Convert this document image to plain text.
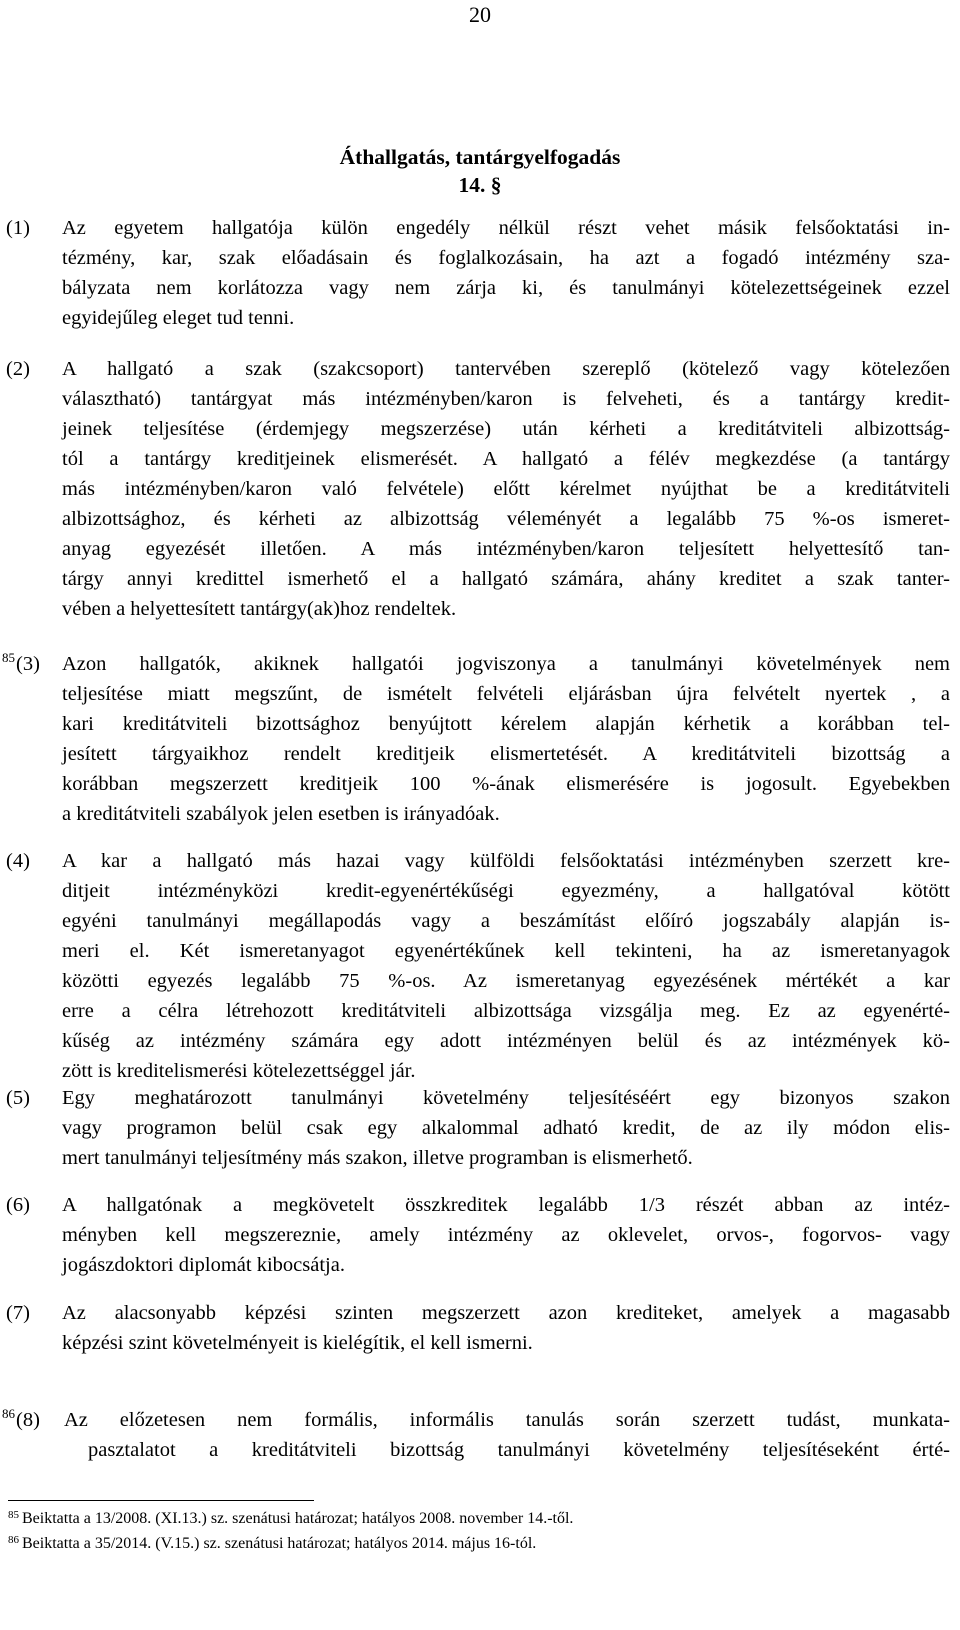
20
Áthallgatás, tantárgyelfogadás
14. §
(1) Az egyetem hallgatója külön engedély nélkül részt vehet másik felsőoktatási in-
tézmény, kar, szak előadásain és foglalkozásain, ha azt a fogadó intézmény sza-
bályzata nem korlátozza vagy nem zárja ki, és tanulmányi kötelezettségeinek ezzel
egyidejűleg eleget tud tenni.
(2) A hallgató a szak (szakcsoport) tantervében szereplő (kötelező vagy kötelezően
választható) tantárgyat más intézményben/karon is felveheti, és a tantárgy kredit-
jeinek teljesítése (érdemjegy megszerzése) után kérheti a kreditátviteli albizottság-
tól a tantárgy kreditjeinek elismerését. A hallgató a félév megkezdése (a tantárgy
más intézményben/karon való felvétele) előtt kérelmet nyújthat be a kreditátviteli
albizottsághoz, és kérheti az albizottság véleményét a legalább 75 %-os ismeret-
anyag egyezését illetően. A más intézményben/karon teljesített helyettesítő tan-
tárgy annyi kredittel ismerhető el a hallgató számára, ahány kreditet a szak tanter-
vében a helyettesített tantárgy(ak)hoz rendeltek.
$^{85}$(3) Azon hallgatók, akiknek hallgatói jogviszonya a tanulmányi követelmények nem
teljesítése miatt megszűnt, de ismételt felvételi eljárásban újra felvételt nyertek , a
kari kreditátviteli bizottsághoz benyújtott kérelem alapján kérhetik a korábban tel-
jesített tárgyaikhoz rendelt kreditjeik elismertetését. A kreditátviteli bizottság a
korábban megszerzett kreditjeik 100 %-ának elismerésére is jogosult. Egyebekben
a kreditátviteli szabályok jelen esetben is irányadóak.
(4) A kar a hallgató más hazai vagy külföldi felsőoktatási intézményben szerzett kre-
ditjeit intézményközi kredit-egyenértékűségi egyezmény, a hallgatóval kötött
egyéni tanulmányi megállapodás vagy a beszámítást előíró jogszabály alapján is-
meri el. Két ismeretanyagot egyenértékűnek kell tekinteni, ha az ismeretanyagok
közötti egyezés legalább 75 %-os. Az ismeretanyag egyezésének mértékét a kar
erre a célra létrehozott kreditátviteli albizottsága vizsgálja meg. Ez az egyenérté-
kűség az intézmény számára egy adott intézményen belül és az intézmények kö-
zött is kreditelismerési kötelezettséggel jár.
(5) Egy meghatározott tanulmányi követelmény teljesítéséért egy bizonyos szakon
vagy programon belül csak egy alkalommal adható kredit, de az ily módon elis-
mert tanulmányi teljesítmény más szakon, illetve programban is elismerhető.
(6) A hallgatónak a megkövetelt összkreditek legalább 1/3 részét abban az intéz-
ményben kell megszereznie, amely intézmény az oklevelet, orvos-, fogorvos- vagy
jogászdoktori diplomát kibocsátja.
(7) Az alacsonyabb képzési szinten megszerzett azon krediteket, amelyek a magasabb
képzési szint követelményeit is kielégítik, el kell ismerni.
$^{86}$(8) Az előzetesen nem formális, informális tanulás során szerzett tudást, munkata-
pasztalatot a kreditátviteli bizottság tanulmányi követelmény teljesítéseként érté-
$^{85}$ Beiktatta a 13/2008. (XI.13.) sz. szenátusi határozat; hatályos 2008. november 14.-től.
$^{86}$ Beiktatta a 35/2014. (V.15.) sz. szenátusi határozat; hatályos 2014. május 16-tól.
